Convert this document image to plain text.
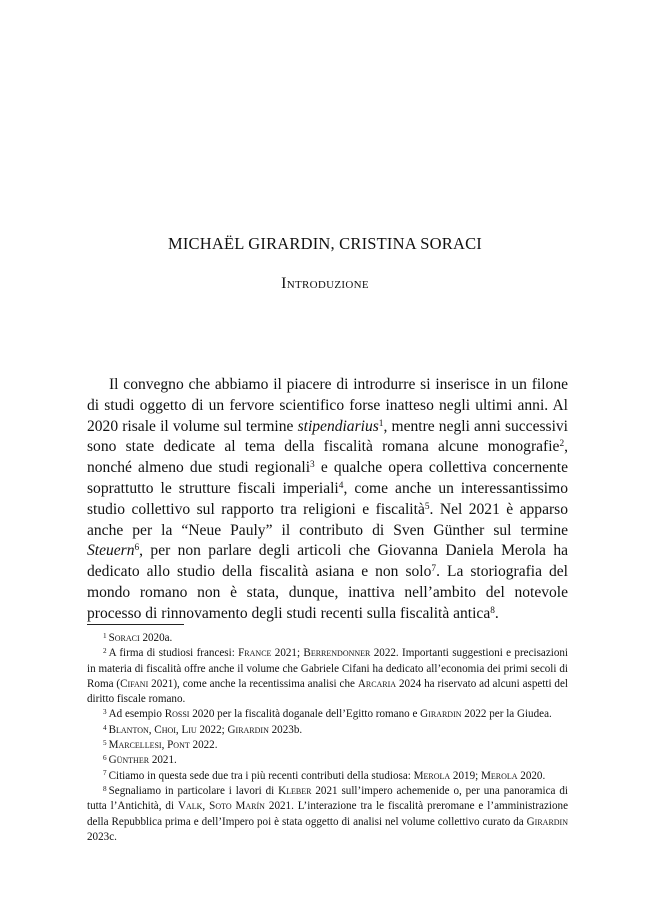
MICHAËL GIRARDIN, CRISTINA SORACI
Introduzione

Il convegno che abbiamo il piacere di introdurre si inserisce in un filone di studi oggetto di un fervore scientifico forse inatteso negli ultimi anni. Al 2020 risale il volume sul termine stipendiarius$^1$, mentre negli anni successivi sono state dedicate al tema della fiscalità romana alcune monografie$^2$, nonché almeno due studi regionali$^3$ e qualche opera collettiva concernente soprattutto le strutture fiscali imperiali$^4$, come anche un interessantissimo studio collettivo sul rapporto tra religioni e fiscalità$^5$. Nel 2021 è apparso anche per la “Neue Pauly” il contributo di Sven Günther sul termine Steuern$^6$, per non parlare degli articoli che Giovanna Daniela Merola ha dedicato allo studio della fiscalità asiana e non solo$^7$. La storiografia del mondo romano non è stata, dunque, inattiva nell’ambito del notevole processo di rinnovamento degli studi recenti sulla fiscalità antica$^8$.

$^1$ Soraci 2020a.

$^2$ A firma di studiosi francesi: France 2021; Berrendonner 2022. Importanti suggestioni e precisazioni in materia di fiscalità offre anche il volume che Gabriele Cifani ha dedicato all’economia dei primi secoli di Roma (Cifani 2021), come anche la recentissima analisi che Arcaria 2024 ha riservato ad alcuni aspetti del diritto fiscale romano.

$^3$ Ad esempio Rossi 2020 per la fiscalità doganale dell’Egitto romano e Girardin 2022 per la Giudea.

$^4$ Blanton, Choi, Liu 2022; Girardin 2023b.

$^5$ Marcellesi, Pont 2022.

$^6$ Günther 2021.

$^7$ Citiamo in questa sede due tra i più recenti contributi della studiosa: Merola 2019; Merola 2020.

$^8$ Segnaliamo in particolare i lavori di Kleber 2021 sull’impero achemenide o, per una panoramica di tutta l’Antichità, di Valk, Soto Marín 2021. L’interazione tra le fiscalità preromane e l’amministrazione della Repubblica prima e dell’Impero poi è stata oggetto di analisi nel volume collettivo curato da Girardin 2023c.
